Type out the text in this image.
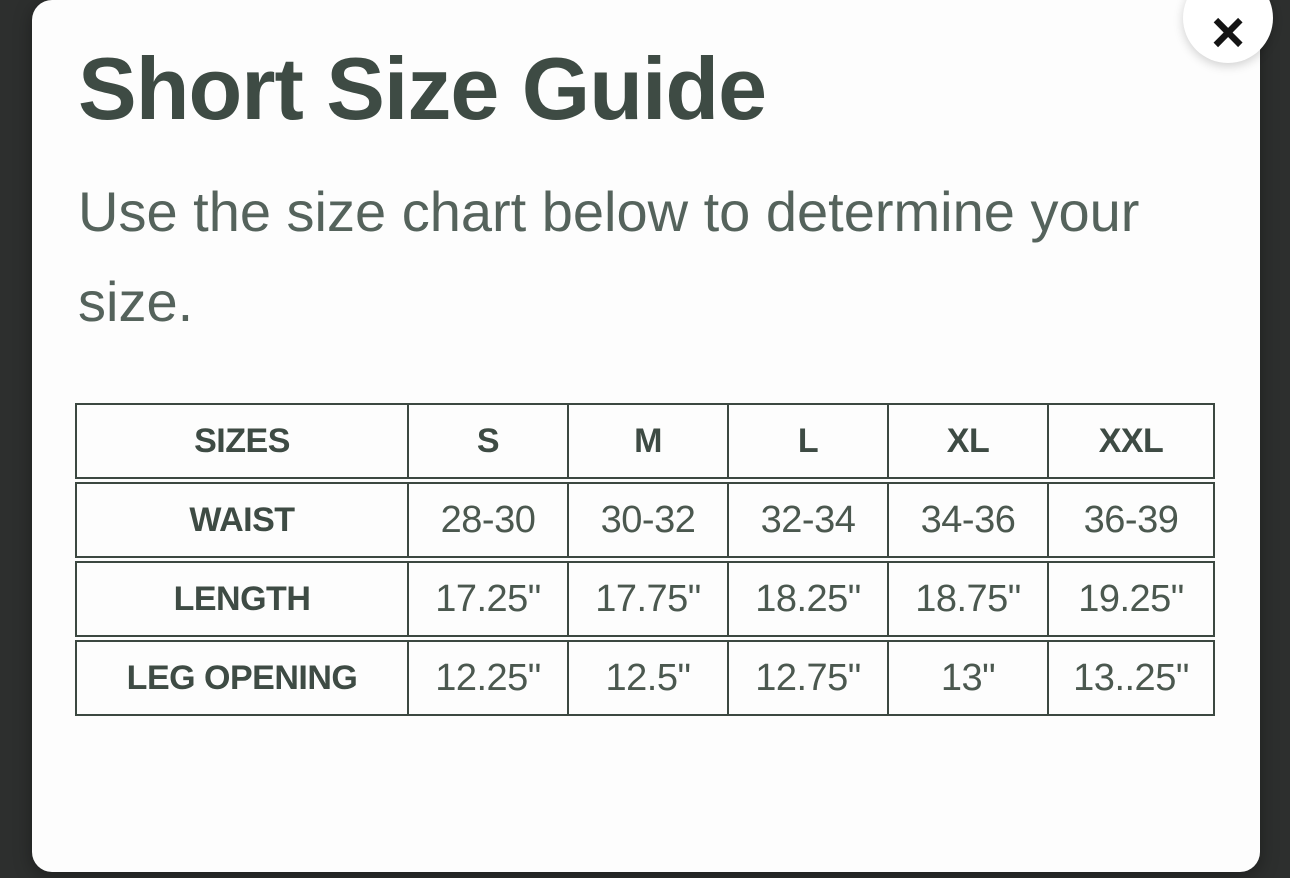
Short Size Guide

Use the size chart below to determine your size.

SIZES	S	M	L	XL	XXL
WAIST	28-30	30-32	32-34	34-36	36-39
LENGTH	17.25"	17.75"	18.25"	18.75"	19.25"
LEG OPENING	12.25"	12.5"	12.75"	13"	13..25"
×
